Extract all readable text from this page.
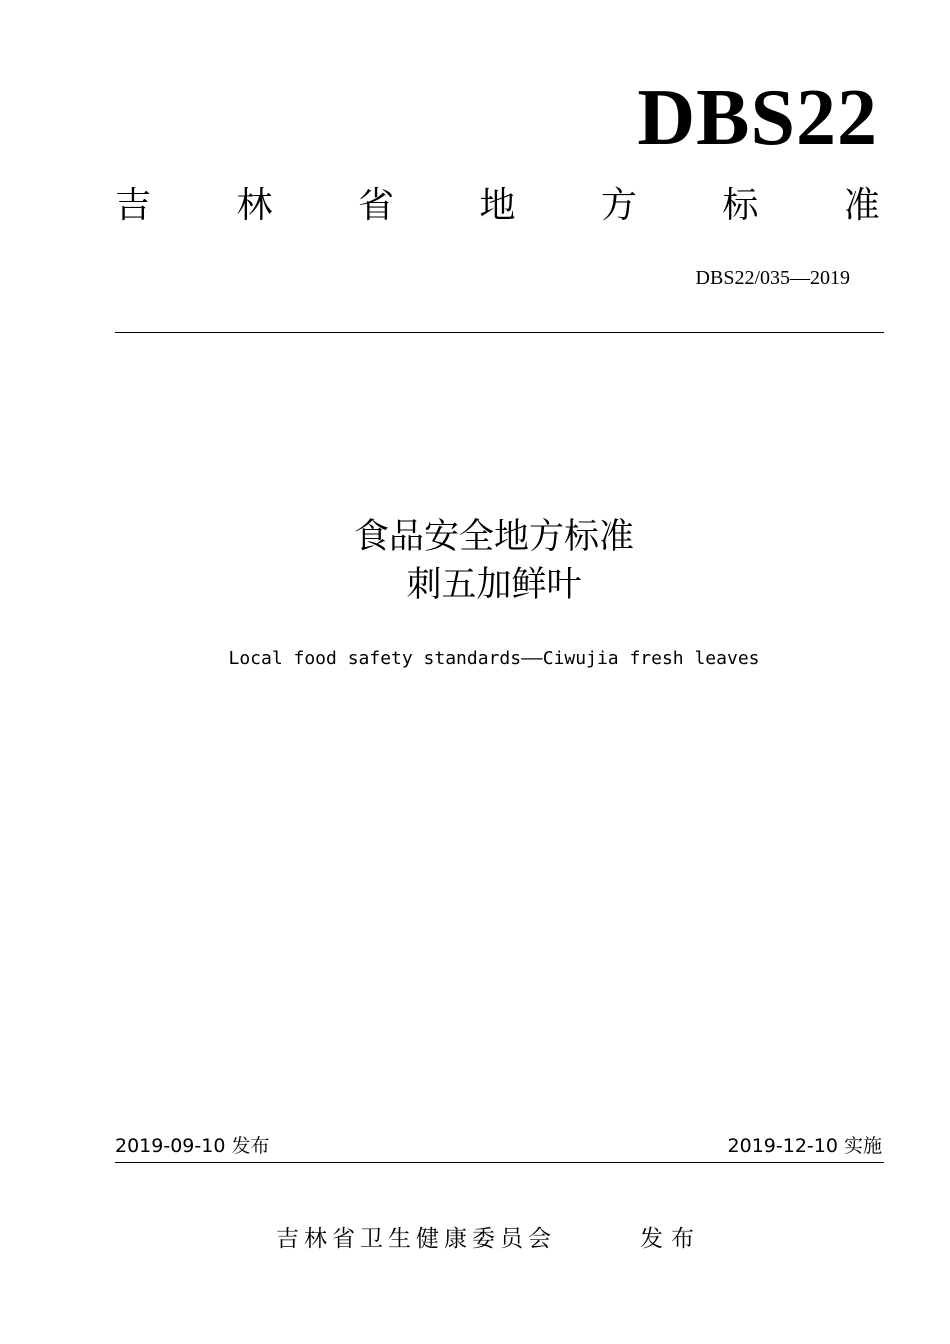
DBS22
吉 林 省 地 方 标 准
DBS22/035—2019
食品安全地方标准
刺五加鲜叶
Local food safety standards——Ciwujia fresh leaves
2019-09-10 发布	2019-12-10 实施
吉林省卫生健康委员会	发布
